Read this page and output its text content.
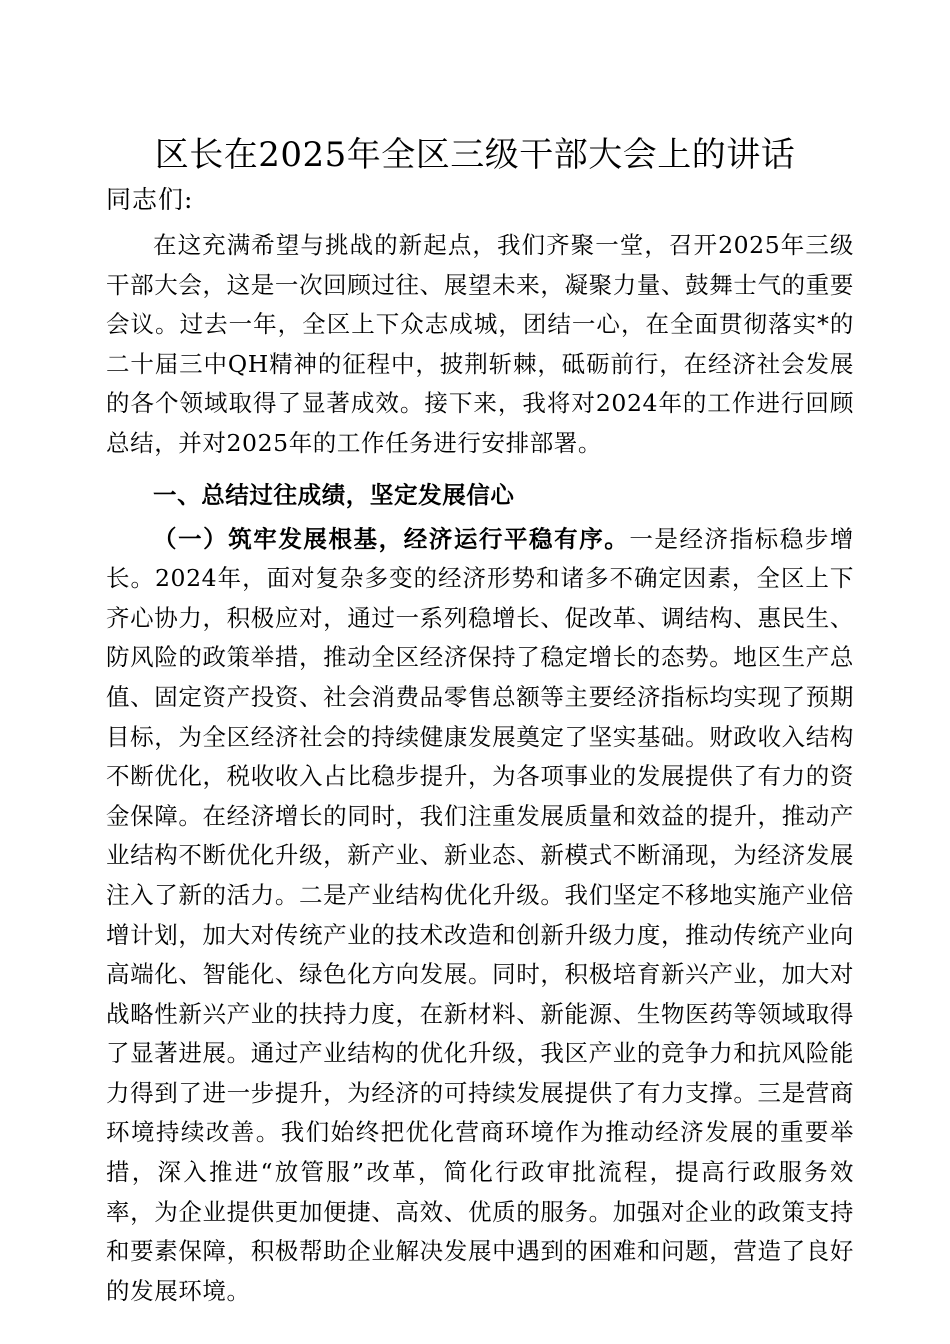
区长在2025年全区三级干部大会上的讲话

同志们:

在这充满希望与挑战的新起点，我们齐聚一堂，召开2025年三级干部大会，这是一次回顾过往、展望未来，凝聚力量、鼓舞士气的重要会议。过去一年，全区上下众志成城，团结一心，在全面贯彻落实*的二十届三中QH精神的征程中，披荆斩棘，砥砺前行，在经济社会发展的各个领域取得了显著成效。接下来，我将对2024年的工作进行回顾总结，并对2025年的工作任务进行安排部署。

一、总结过往成绩，坚定发展信心

（一）筑牢发展根基，经济运行平稳有序。一是经济指标稳步增长。2024年，面对复杂多变的经济形势和诸多不确定因素，全区上下齐心协力，积极应对，通过一系列稳增长、促改革、调结构、惠民生、防风险的政策举措，推动全区经济保持了稳定增长的态势。地区生产总值、固定资产投资、社会消费品零售总额等主要经济指标均实现了预期目标，为全区经济社会的持续健康发展奠定了坚实基础。财政收入结构不断优化，税收收入占比稳步提升，为各项事业的发展提供了有力的资金保障。在经济增长的同时，我们注重发展质量和效益的提升，推动产业结构不断优化升级，新产业、新业态、新模式不断涌现，为经济发展注入了新的活力。二是产业结构优化升级。我们坚定不移地实施产业倍增计划，加大对传统产业的技术改造和创新升级力度，推动传统产业向高端化、智能化、绿色化方向发展。同时，积极培育新兴产业，加大对战略性新兴产业的扶持力度，在新材料、新能源、生物医药等领域取得了显著进展。通过产业结构的优化升级，我区产业的竞争力和抗风险能力得到了进一步提升，为经济的可持续发展提供了有力支撑。三是营商环境持续改善。我们始终把优化营商环境作为推动经济发展的重要举措，深入推进“放管服”改革，简化行政审批流程，提高行政服务效率，为企业提供更加便捷、高效、优质的服务。加强对企业的政策支持和要素保障，积极帮助企业解决发展中遇到的困难和问题，营造了良好的发展环境。
